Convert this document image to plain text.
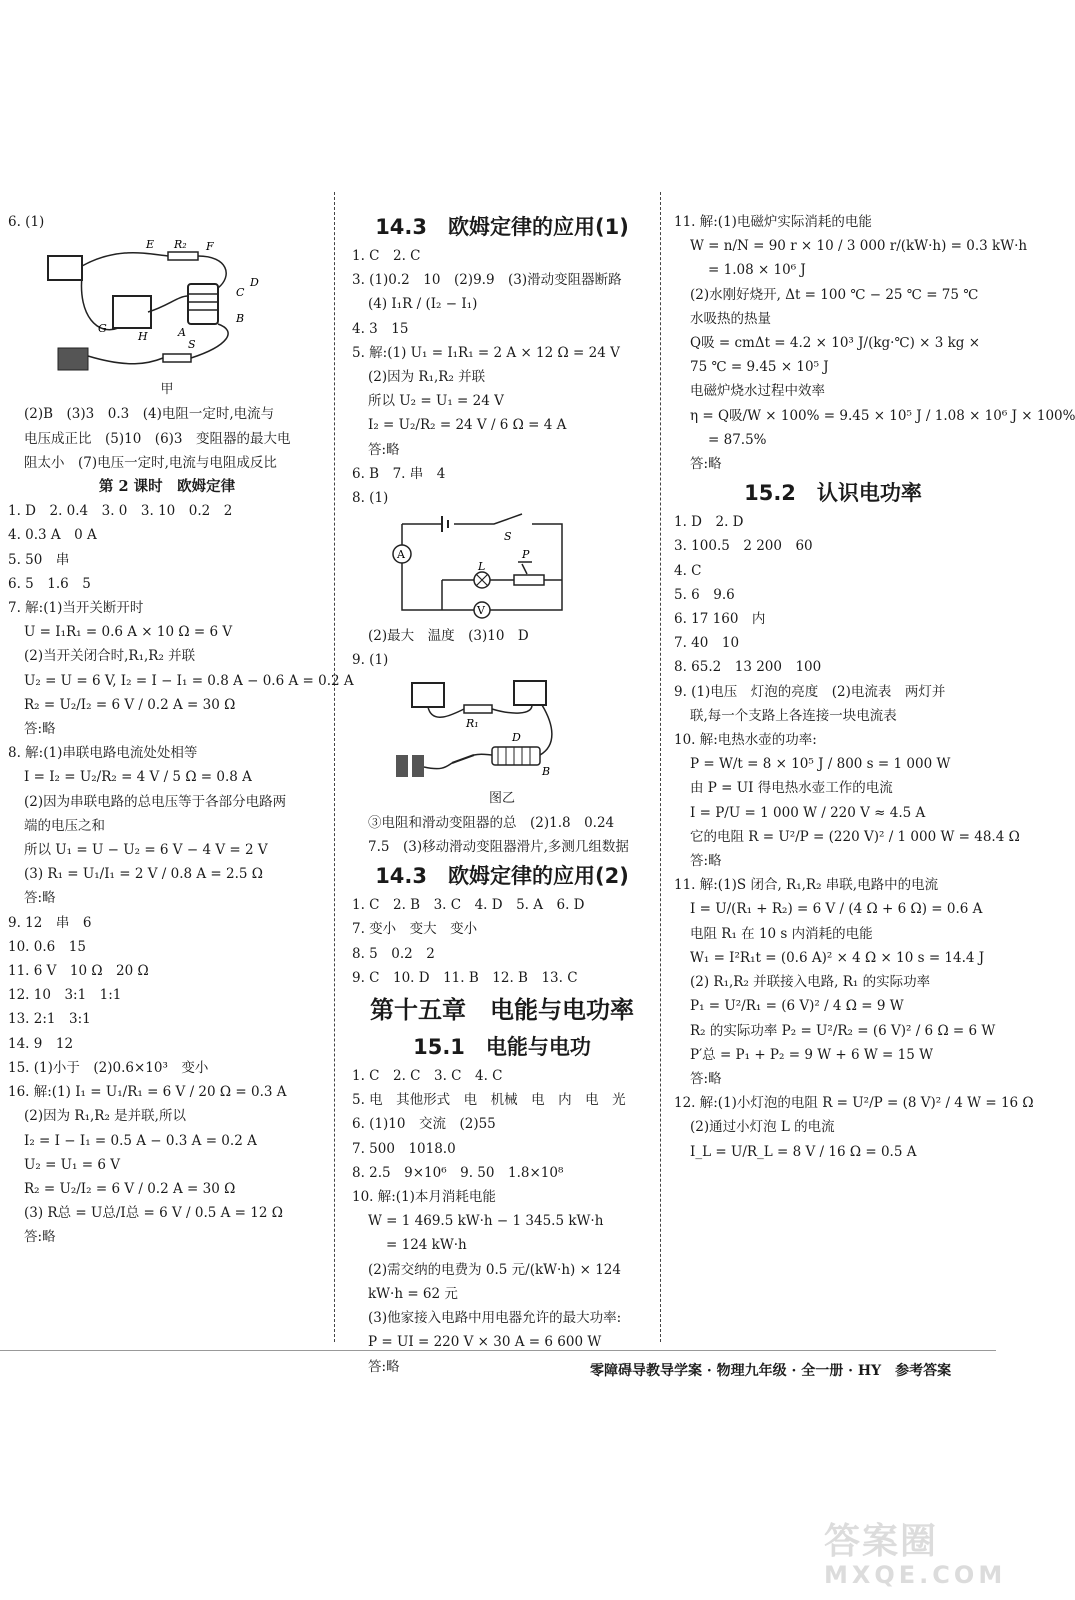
6. (1)
E R₂ F
C
D
G
H	A
B
S
甲
(2)B　(3)3　0.3　(4)电阻一定时,电流与
电压成正比　(5)10　(6)3　变阻器的最大电
阻太小　(7)电压一定时,电流与电阻成反比
第 2 课时　欧姆定律
1. D　2. 0.4　3. 0　3. 10　0.2　2
4. 0.3 A　0 A
5. 50　串
6. 5　1.6　5
7. 解:(1)当开关断开时
U = I₁R₁ = 0.6 A × 10 Ω = 6 V
(2)当开关闭合时,R₁,R₂ 并联
U₂ = U = 6 V, I₂ = I − I₁ = 0.8 A − 0.6 A = 0.2 A
R₂ = U₂/I₂ = 6 V / 0.2 A = 30 Ω
答:略
8. 解:(1)串联电路电流处处相等
I = I₂ = U₂/R₂ = 4 V / 5 Ω = 0.8 A
(2)因为串联电路的总电压等于各部分电路两
端的电压之和
所以 U₁ = U − U₂ = 6 V − 4 V = 2 V
(3) R₁ = U₁/I₁ = 2 V / 0.8 A = 2.5 Ω
答:略
9. 12　串　6
10. 0.6　15
11. 6 V　10 Ω　20 Ω
12. 10　3:1　1:1
13. 2:1　3:1
14. 9　12
15. (1)小于　(2)0.6×10³　变小
16. 解:(1) I₁ = U₁/R₁ = 6 V / 20 Ω = 0.3 A
(2)因为 R₁,R₂ 是并联,所以
I₂ = I − I₁ = 0.5 A − 0.3 A = 0.2 A
U₂ = U₁ = 6 V
R₂ = U₂/I₂ = 6 V / 0.2 A = 30 Ω
(3) R总 = U总/I总 = 6 V / 0.5 A = 12 Ω
答:略
14.3　欧姆定律的应用(1)
1. C　2. C
3. (1)0.2　10　(2)9.9　(3)滑动变阻器断路
(4) I₁R / (I₂ − I₁)
4. 3　15
5. 解:(1) U₁ = I₁R₁ = 2 A × 12 Ω = 24 V
(2)因为 R₁,R₂ 并联
所以 U₂ = U₁ = 24 V
I₂ = U₂/R₂ = 24 V / 6 Ω = 4 A
答:略
6. B　7. 串　4
8. (1)
A
V
L
P
S
(2)最大　温度　(3)10　D
9. (1)
R₁
D
B
图乙
③电阻和滑动变阻器的总　(2)1.8　0.24
7.5　(3)移动滑动变阻器滑片,多测几组数据
14.3　欧姆定律的应用(2)
1. C　2. B　3. C　4. D　5. A　6. D
7. 变小　变大　变小
8. 5　0.2　2
9. C　10. D　11. B　12. B　13. C
第十五章　电能与电功率
15.1　电能与电功
1. C　2. C　3. C　4. C
5. 电　其他形式　电　机械　电　内　电　光
6. (1)10　交流　(2)55
7. 500　1018.0
8. 2.5　9×10⁶　9. 50　1.8×10⁸
10. 解:(1)本月消耗电能
W = 1 469.5 kW·h − 1 345.5 kW·h
= 124 kW·h
(2)需交纳的电费为 0.5 元/(kW·h) × 124
kW·h = 62 元
(3)他家接入电路中用电器允许的最大功率:
P = UI = 220 V × 30 A = 6 600 W
答:略
11. 解:(1)电磁炉实际消耗的电能
W = n/N = 90 r × 10 / 3 000 r/(kW·h) = 0.3 kW·h
= 1.08 × 10⁶ J
(2)水刚好烧开, Δt = 100 ℃ − 25 ℃ = 75 ℃
水吸热的热量
Q吸 = cmΔt = 4.2 × 10³ J/(kg·℃) × 3 kg ×
75 ℃ = 9.45 × 10⁵ J
电磁炉烧水过程中效率
η = Q吸/W × 100% = 9.45 × 10⁵ J / 1.08 × 10⁶ J × 100%
= 87.5%
答:略
15.2　认识电功率
1. D　2. D
3. 100.5　2 200　60
4. C
5. 6　9.6
6. 17 160　内
7. 40　10
8. 65.2　13 200　100
9. (1)电压　灯泡的亮度　(2)电流表　两灯并
联,每一个支路上各连接一块电流表
10. 解:电热水壶的功率:
P = W/t = 8 × 10⁵ J / 800 s = 1 000 W
由 P = UI 得电热水壶工作的电流
I = P/U = 1 000 W / 220 V ≈ 4.5 A
它的电阻 R = U²/P = (220 V)² / 1 000 W = 48.4 Ω
答:略
11. 解:(1)S 闭合, R₁,R₂ 串联,电路中的电流
I = U/(R₁ + R₂) = 6 V / (4 Ω + 6 Ω) = 0.6 A
电阻 R₁ 在 10 s 内消耗的电能
W₁ = I²R₁t = (0.6 A)² × 4 Ω × 10 s = 14.4 J
(2) R₁,R₂ 并联接入电路, R₁ 的实际功率
P₁ = U²/R₁ = (6 V)² / 4 Ω = 9 W
R₂ 的实际功率 P₂ = U²/R₂ = (6 V)² / 6 Ω = 6 W
P′总 = P₁ + P₂ = 9 W + 6 W = 15 W
答:略
12. 解:(1)小灯泡的电阻 R = U²/P = (8 V)² / 4 W = 16 Ω
(2)通过小灯泡 L 的电流
I_L = U/R_L = 8 V / 16 Ω = 0.5 A
零障碍导教导学案 · 物理九年级 · 全一册 · HY　参考答案
答案圈
MXQE.COM
